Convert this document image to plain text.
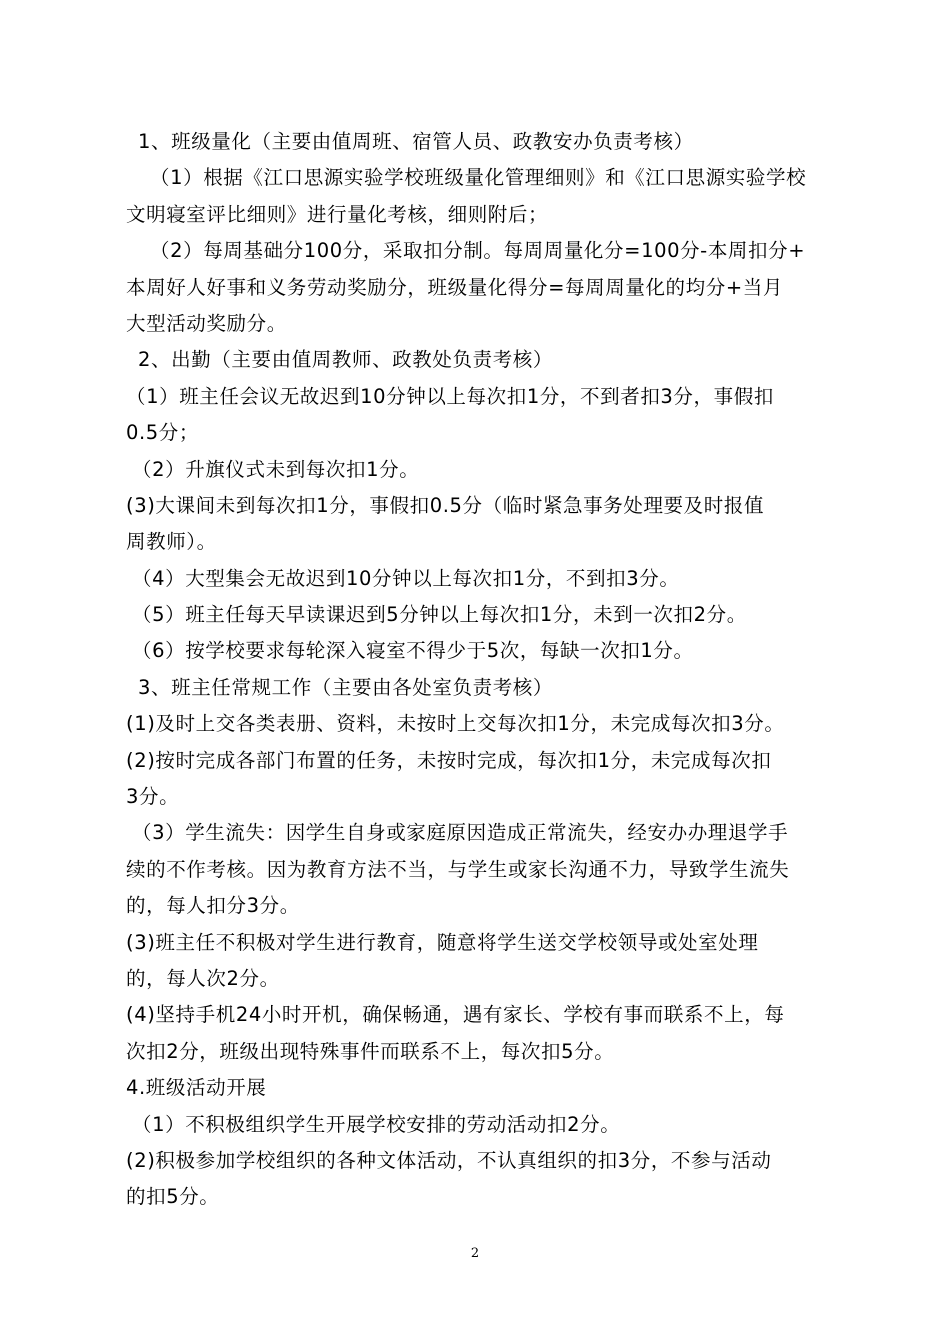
1、班级量化（主要由值周班、宿管人员、政教安办负责考核）
（1）根据《江口思源实验学校班级量化管理细则》和《江口思源实验学校
文明寝室评比细则》进行量化考核，细则附后；
（2）每周基础分100分，采取扣分制。每周周量化分=100分-本周扣分+
本周好人好事和义务劳动奖励分，班级量化得分=每周周量化的均分+当月
大型活动奖励分。
2、出勤（主要由值周教师、政教处负责考核）
（1）班主任会议无故迟到10分钟以上每次扣1分，不到者扣3分，事假扣
0.5分；
（2）升旗仪式未到每次扣1分。
(3)大课间未到每次扣1分，事假扣0.5分（临时紧急事务处理要及时报值
周教师）。
（4）大型集会无故迟到10分钟以上每次扣1分，不到扣3分。
（5）班主任每天早读课迟到5分钟以上每次扣1分，未到一次扣2分。
（6）按学校要求每轮深入寝室不得少于5次，每缺一次扣1分。
3、班主任常规工作（主要由各处室负责考核）
(1)及时上交各类表册、资料，未按时上交每次扣1分，未完成每次扣3分。
(2)按时完成各部门布置的任务，未按时完成，每次扣1分，未完成每次扣
3分。
（3）学生流失：因学生自身或家庭原因造成正常流失，经安办办理退学手
续的不作考核。因为教育方法不当，与学生或家长沟通不力，导致学生流失
的，每人扣分3分。
(3)班主任不积极对学生进行教育，随意将学生送交学校领导或处室处理
的，每人次2分。
(4)坚持手机24小时开机，确保畅通，遇有家长、学校有事而联系不上，每
次扣2分，班级出现特殊事件而联系不上，每次扣5分。
4.班级活动开展
（1）不积极组织学生开展学校安排的劳动活动扣2分。
(2)积极参加学校组织的各种文体活动，不认真组织的扣3分，不参与活动
的扣5分。
2
